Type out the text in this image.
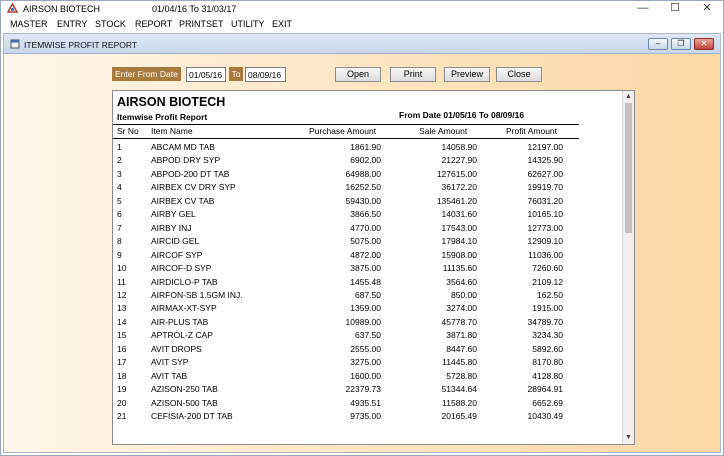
AIRSON BIOTECH	01/04/16 To 31/03/17	—	☐	✕
MASTER ENTRY STOCK REPORT PRINTSET UTILITY EXIT
ITEMWISE PROFIT REPORT	–	❐	✕
Enter From Date
01/05/16	To
08/09/16	Open	Print	Preview	Close
AIRSON BIOTECH
Itemwise Profit Report	From Date 01/05/16 To 08/09/16
Sr No Item Name	Purchase Amount	Sale Amount	Profit Amount
1	ABCAM MD TAB	1861.90	14058.90	12197.00
2	ABPOD DRY SYP	6902.00	21227.90	14325.90
3	ABPOD-200 DT TAB	64988.00	127615.00	62627.00
4	AIRBEX CV DRY SYP	16252.50	36172.20	19919.70
5	AIRBEX CV TAB	59430.00	135461.20	76031.20
6	AIRBY GEL	3866.50	14031.60	10165.10
7	AIRBY INJ	4770.00	17543.00	12773.00
8	AIRCID GEL	5075.00	17984.10	12909.10
9	AIRCOF SYP	4872.00	15908.00	11036.00
10	AIRCOF-D SYP	3875.00	11135.60	7260.60
11	AIRDICLO-P TAB	1455.48	3564.60	2109.12
12	AIRFON-SB 1.5GM INJ.	687.50	850.00	162.50
13	AIRMAX-XT-SYP	1359.00	3274.00	1915.00
14	AIR-PLUS TAB	10989.00	45778.70	34789.70
15	APTROL-Z CAP	637.50	3871.80	3234.30
16	AVIT DROPS	2555.00	8447.60	5892.60
17	AVIT SYP	3275.00	11445.80	8170.80
18	AVIT TAB	1600.00	5728.80	4128.80
19	AZISON-250 TAB	22379.73	51344.64	28964.91
20	AZISON-500 TAB	4935.51	11588.20	6652.69
21	CEFISIA-200 DT TAB	9735.00	20165.49	10430.49
▲
▼
